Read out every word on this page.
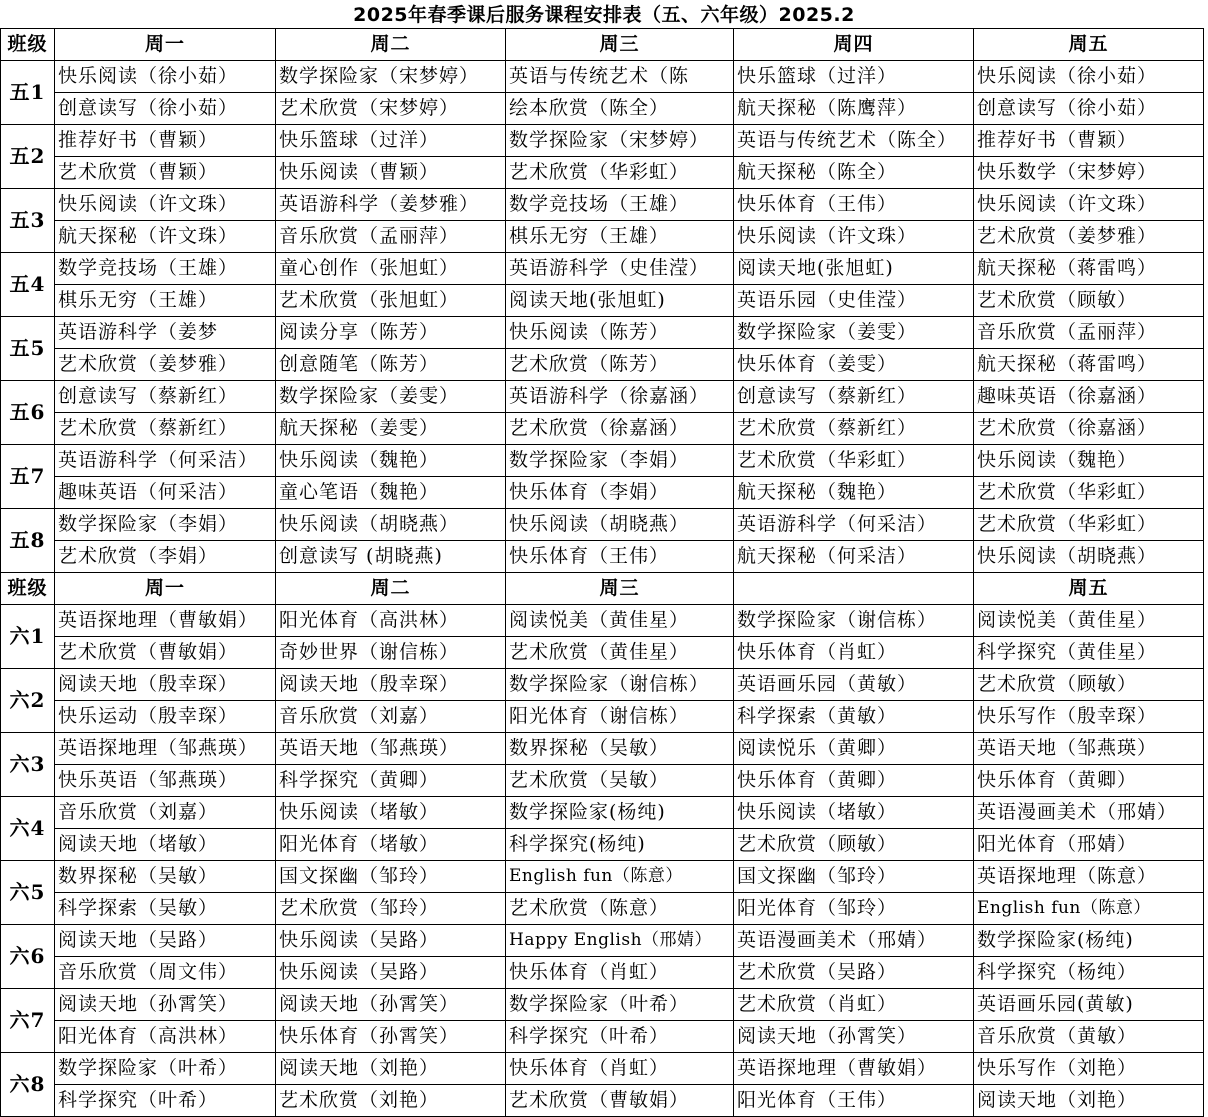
2025年春季课后服务课程安排表（五、六年级）2025.2
班级	周一	周二	周三	周四	周五
五1	快乐阅读（徐小茹）	数学探险家（宋梦婷）	英语与传统艺术（陈	快乐篮球（过洋）	快乐阅读（徐小茹）
	创意读写（徐小茹）	艺术欣赏（宋梦婷）	绘本欣赏（陈全）	航天探秘（陈鹰萍）	创意读写（徐小茹）
五2	推荐好书（曹颖）	快乐篮球（过洋）	数学探险家（宋梦婷）	英语与传统艺术（陈全）	推荐好书（曹颖）
	艺术欣赏（曹颖）	快乐阅读（曹颖）	艺术欣赏（华彩虹）	航天探秘（陈全）	快乐数学（宋梦婷）
五3	快乐阅读（许文珠）	英语游科学（姜梦雅）	数学竞技场（王雄）	快乐体育（王伟）	快乐阅读（许文珠）
	航天探秘（许文珠）	音乐欣赏（孟丽萍）	棋乐无穷（王雄）	快乐阅读（许文珠）	艺术欣赏（姜梦雅）
五4	数学竞技场（王雄）	童心创作（张旭虹）	英语游科学（史佳滢）	阅读天地(张旭虹)	航天探秘（蒋雷鸣）
	棋乐无穷（王雄）	艺术欣赏（张旭虹）	阅读天地(张旭虹)	英语乐园（史佳滢）	艺术欣赏（顾敏）
五5	英语游科学（姜梦	阅读分享（陈芳）	快乐阅读（陈芳）	数学探险家（姜雯）	音乐欣赏（孟丽萍）
	艺术欣赏（姜梦雅）	创意随笔（陈芳）	艺术欣赏（陈芳）	快乐体育（姜雯）	航天探秘（蒋雷鸣）
五6	创意读写（蔡新红）	数学探险家（姜雯）	英语游科学（徐嘉涵）	创意读写（蔡新红）	趣味英语（徐嘉涵）
	艺术欣赏（蔡新红）	航天探秘（姜雯）	艺术欣赏（徐嘉涵）	艺术欣赏（蔡新红）	艺术欣赏（徐嘉涵）
五7	英语游科学（何采洁）	快乐阅读（魏艳）	数学探险家（李娟）	艺术欣赏（华彩虹）	快乐阅读（魏艳）
	趣味英语（何采洁）	童心笔语（魏艳）	快乐体育（李娟）	航天探秘（魏艳）	艺术欣赏（华彩虹）
五8	数学探险家（李娟）	快乐阅读（胡晓燕）	快乐阅读（胡晓燕）	英语游科学（何采洁）	艺术欣赏（华彩虹）
	艺术欣赏（李娟）	创意读写 (胡晓燕)	快乐体育（王伟）	航天探秘（何采洁）	快乐阅读（胡晓燕）
班级	周一	周二	周三		周五
六1	英语探地理（曹敏娟）	阳光体育（高洪林）	阅读悦美（黄佳星）	数学探险家（谢信栋）	阅读悦美（黄佳星）
	艺术欣赏（曹敏娟）	奇妙世界（谢信栋）	艺术欣赏（黄佳星）	快乐体育（肖虹）	科学探究（黄佳星）
六2	阅读天地（殷幸琛）	阅读天地（殷幸琛）	数学探险家（谢信栋）	英语画乐园（黄敏）	艺术欣赏（顾敏）
	快乐运动（殷幸琛）	音乐欣赏（刘嘉）	阳光体育（谢信栋）	科学探索（黄敏）	快乐写作（殷幸琛）
六3	英语探地理（邹燕瑛）	英语天地（邹燕瑛）	数界探秘（吴敏）	阅读悦乐（黄卿）	英语天地（邹燕瑛）
	快乐英语（邹燕瑛）	科学探究（黄卿）	艺术欣赏（吴敏）	快乐体育（黄卿）	快乐体育（黄卿）
六4	音乐欣赏（刘嘉）	快乐阅读（堵敏）	数学探险家(杨纯)	快乐阅读（堵敏）	英语漫画美术（邢婧）
	阅读天地（堵敏）	阳光体育（堵敏）	科学探究(杨纯)	艺术欣赏（顾敏）	阳光体育（邢婧）
六5	数界探秘（吴敏）	国文探幽（邹玲）	English fun（陈意）	国文探幽（邹玲）	英语探地理（陈意）
	科学探索（吴敏）	艺术欣赏（邹玲）	艺术欣赏（陈意）	阳光体育（邹玲）	English fun（陈意）
六6	阅读天地（吴路）	快乐阅读（吴路）	Happy English（邢婧）	英语漫画美术（邢婧）	数学探险家(杨纯)
	音乐欣赏（周文伟）	快乐阅读（吴路）	快乐体育（肖虹）	艺术欣赏（吴路）	科学探究（杨纯）
六7	阅读天地（孙霄笑）	阅读天地（孙霄笑）	数学探险家（叶希）	艺术欣赏（肖虹）	英语画乐园(黄敏)
	阳光体育（高洪林）	快乐体育（孙霄笑）	科学探究（叶希）	阅读天地（孙霄笑）	音乐欣赏（黄敏）
六8	数学探险家（叶希）	阅读天地（刘艳）	快乐体育（肖虹）	英语探地理（曹敏娟）	快乐写作（刘艳）
	科学探究（叶希）	艺术欣赏（刘艳）	艺术欣赏（曹敏娟）	阳光体育（王伟）	阅读天地（刘艳）
